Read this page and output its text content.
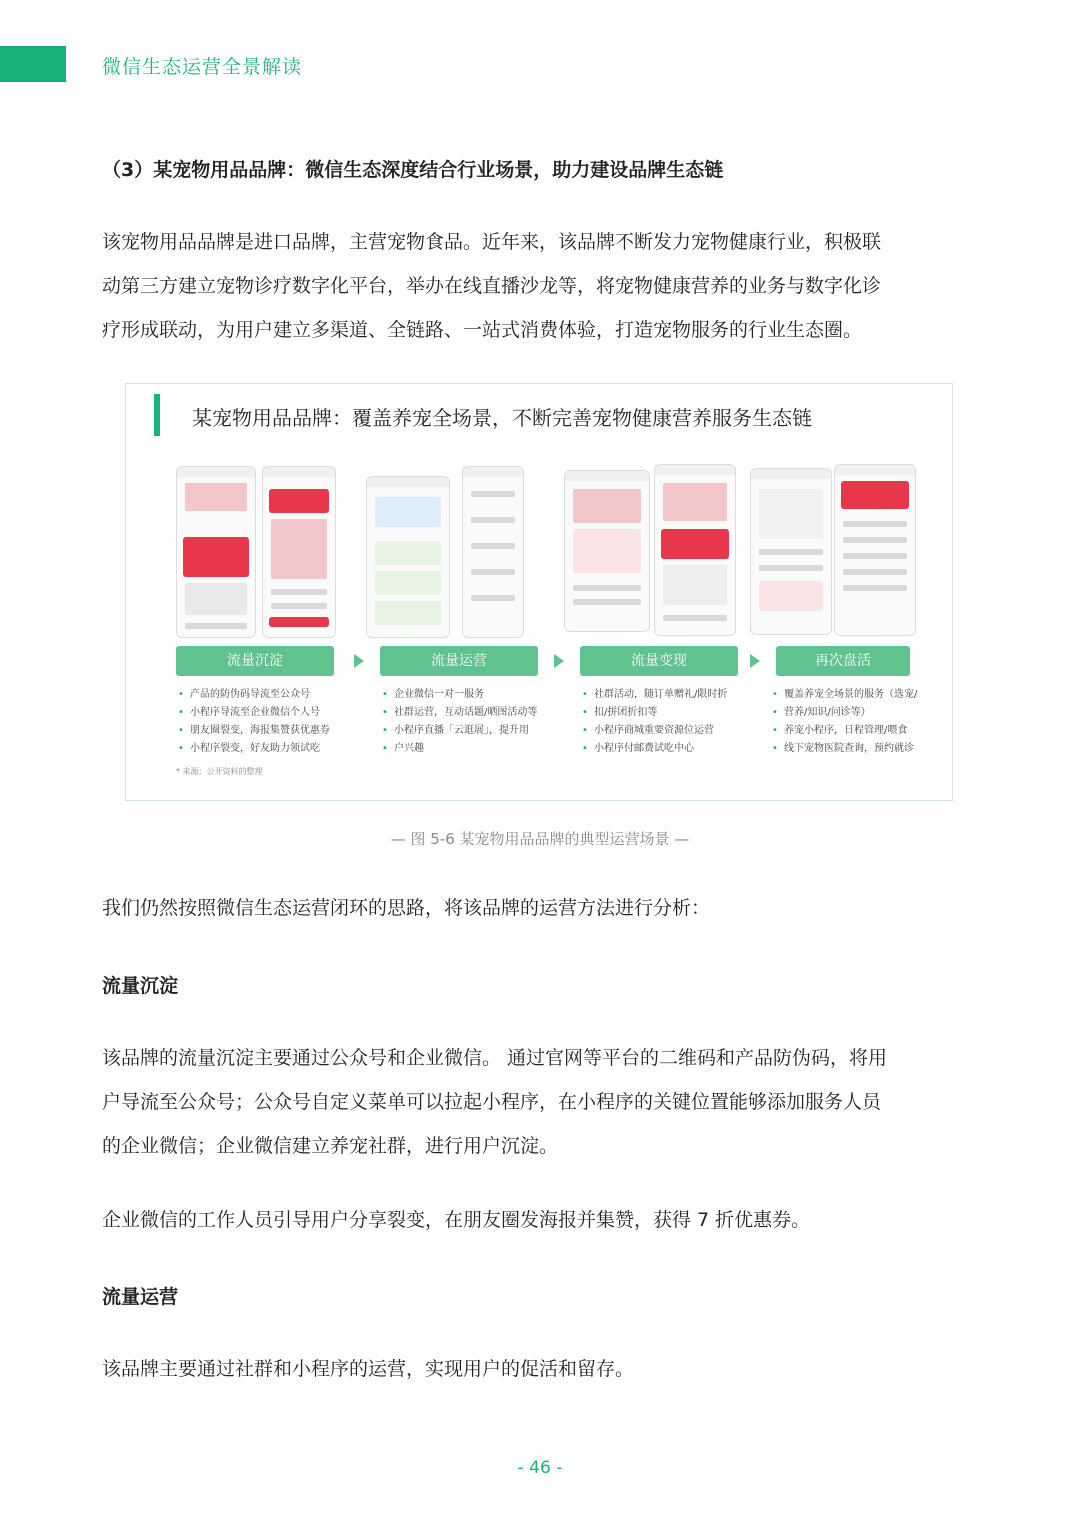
微信生态运营全景解读
（3）某宠物用品品牌：微信生态深度结合行业场景，助力建设品牌生态链
该宠物用品品牌是进口品牌，主营宠物食品。近年来，该品牌不断发力宠物健康行业，积极联
动第三方建立宠物诊疗数字化平台，举办在线直播沙龙等，将宠物健康营养的业务与数字化诊
疗形成联动，为用户建立多渠道、全链路、一站式消费体验，打造宠物服务的行业生态圈。
某宠物用品品牌：覆盖养宠全场景，不断完善宠物健康营养服务生态链
流量沉淀	流量运营	流量变现	再次盘活
• 产品的防伪码导流至公众号
• 小程序导流至企业微信个人号
• 朋友圈裂变，海报集赞获优惠券
• 小程序裂变，好友助力领试吃
• 企业微信一对一服务
• 社群运营，互动话题/晒图活动等
• 小程序直播「云逛展」，提升用
• 户兴趣
• 社群活动，随订单赠礼/限时折
• 扣/拼团折扣等
• 小程序商城重要资源位运营
• 小程序付邮费试吃中心
• 覆盖养宠全场景的服务（选宠/
• 营养/知识/问诊等）
• 养宠小程序，日程管理/喂食
• 线下宠物医院查询，预约就诊
* 来源：公开资料的整理
— 图 5-6 某宠物用品品牌的典型运营场景 —
我们仍然按照微信生态运营闭环的思路，将该品牌的运营方法进行分析：
流量沉淀
该品牌的流量沉淀主要通过公众号和企业微信。 通过官网等平台的二维码和产品防伪码，将用
户导流至公众号；公众号自定义菜单可以拉起小程序，在小程序的关键位置能够添加服务人员
的企业微信；企业微信建立养宠社群，进行用户沉淀。
企业微信的工作人员引导用户分享裂变，在朋友圈发海报并集赞，获得 7 折优惠券。
流量运营
该品牌主要通过社群和小程序的运营，实现用户的促活和留存。
- 46 -
